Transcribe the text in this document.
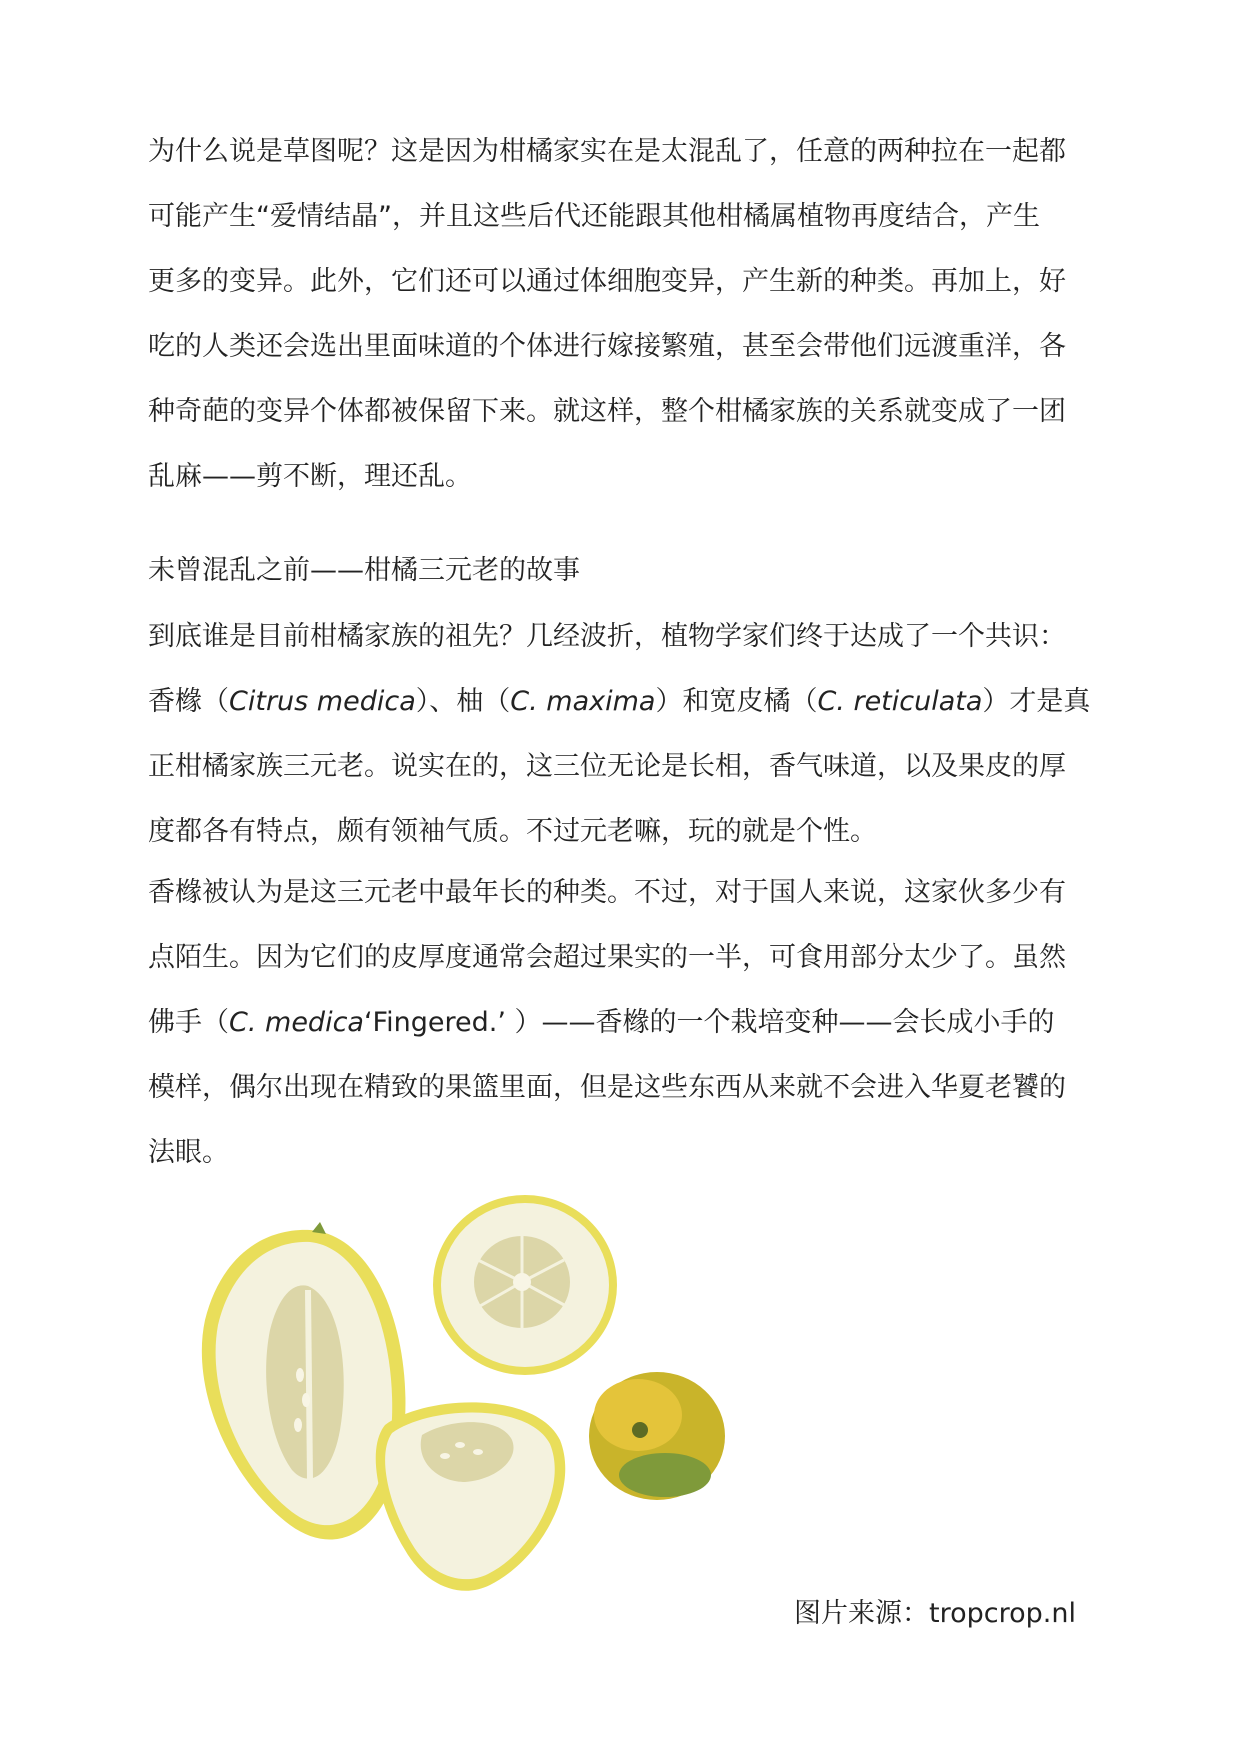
为什么说是草图呢？这是因为柑橘家实在是太混乱了，任意的两种拉在一起都
可能产生“爱情结晶”，并且这些后代还能跟其他柑橘属植物再度结合，产生
更多的变异。此外，它们还可以通过体细胞变异，产生新的种类。再加上，好
吃的人类还会选出里面味道的个体进行嫁接繁殖，甚至会带他们远渡重洋，各
种奇葩的变异个体都被保留下来。就这样，整个柑橘家族的关系就变成了一团
乱麻——剪不断，理还乱。

未曾混乱之前——柑橘三元老的故事

到底谁是目前柑橘家族的祖先？几经波折，植物学家们终于达成了一个共识：
香橼（Citrus medica）、柚（C. maxima）和宽皮橘（C. reticulata）才是真
正柑橘家族三元老。说实在的，这三位无论是长相，香气味道，以及果皮的厚
度都各有特点，颇有领袖气质。不过元老嘛，玩的就是个性。

香橼被认为是这三元老中最年长的种类。不过，对于国人来说，这家伙多少有
点陌生。因为它们的皮厚度通常会超过果实的一半，可食用部分太少了。虽然
佛手（C. medica‘Fingered.’ ）——香橼的一个栽培变种——会长成小手的
模样，偶尔出现在精致的果篮里面，但是这些东西从来就不会进入华夏老饕的
法眼。

图片来源：tropcrop.nl
